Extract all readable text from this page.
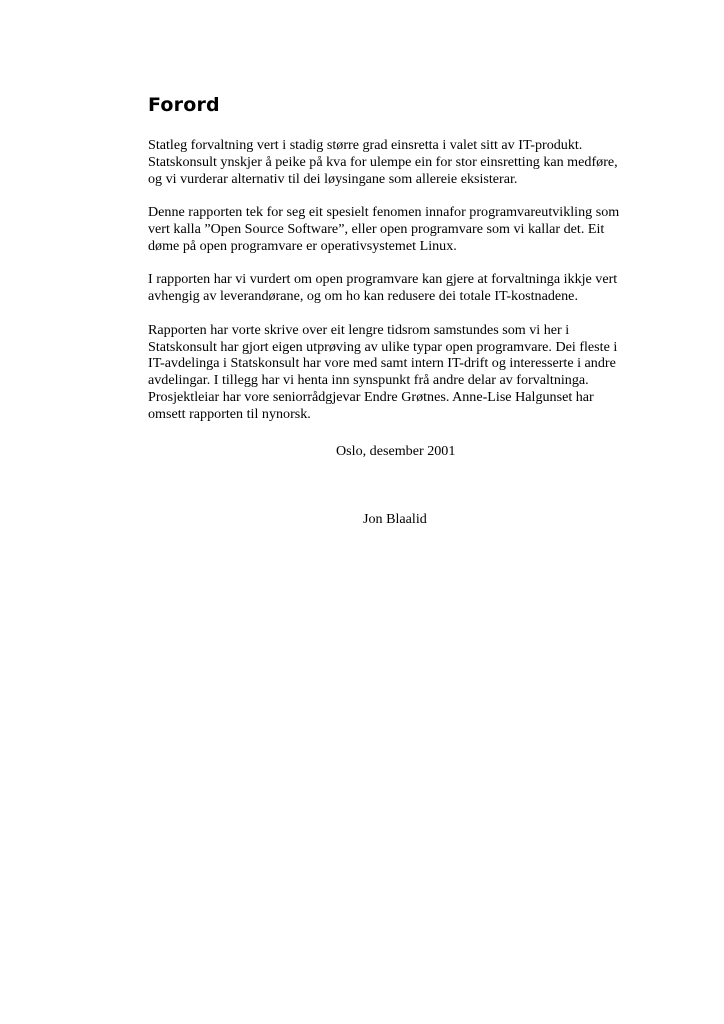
Forord
Statleg forvaltning vert i stadig større grad einsretta i valet sitt av IT-produkt.
Statskonsult ynskjer å peike på kva for ulempe ein for stor einsretting kan medføre,
og vi vurderar alternativ til dei løysingane som allereie eksisterar.
Denne rapporten tek for seg eit spesielt fenomen innafor programvareutvikling som
vert kalla ”Open Source Software”, eller open programvare som vi kallar det. Eit
døme på open programvare er operativsystemet Linux.
I rapporten har vi vurdert om open programvare kan gjere at forvaltninga ikkje vert
avhengig av leverandørane, og om ho kan redusere dei totale IT-kostnadene.
Rapporten har vorte skrive over eit lengre tidsrom samstundes som vi her i
Statskonsult har gjort eigen utprøving av ulike typar open programvare. Dei fleste i
IT-avdelinga i Statskonsult har vore med samt intern IT-drift og interesserte i andre
avdelingar. I tillegg har vi henta inn synspunkt frå andre delar av forvaltninga.
Prosjektleiar har vore seniorrådgjevar Endre Grøtnes. Anne-Lise Halgunset har
omsett rapporten til nynorsk.
Oslo, desember 2001
Jon Blaalid
